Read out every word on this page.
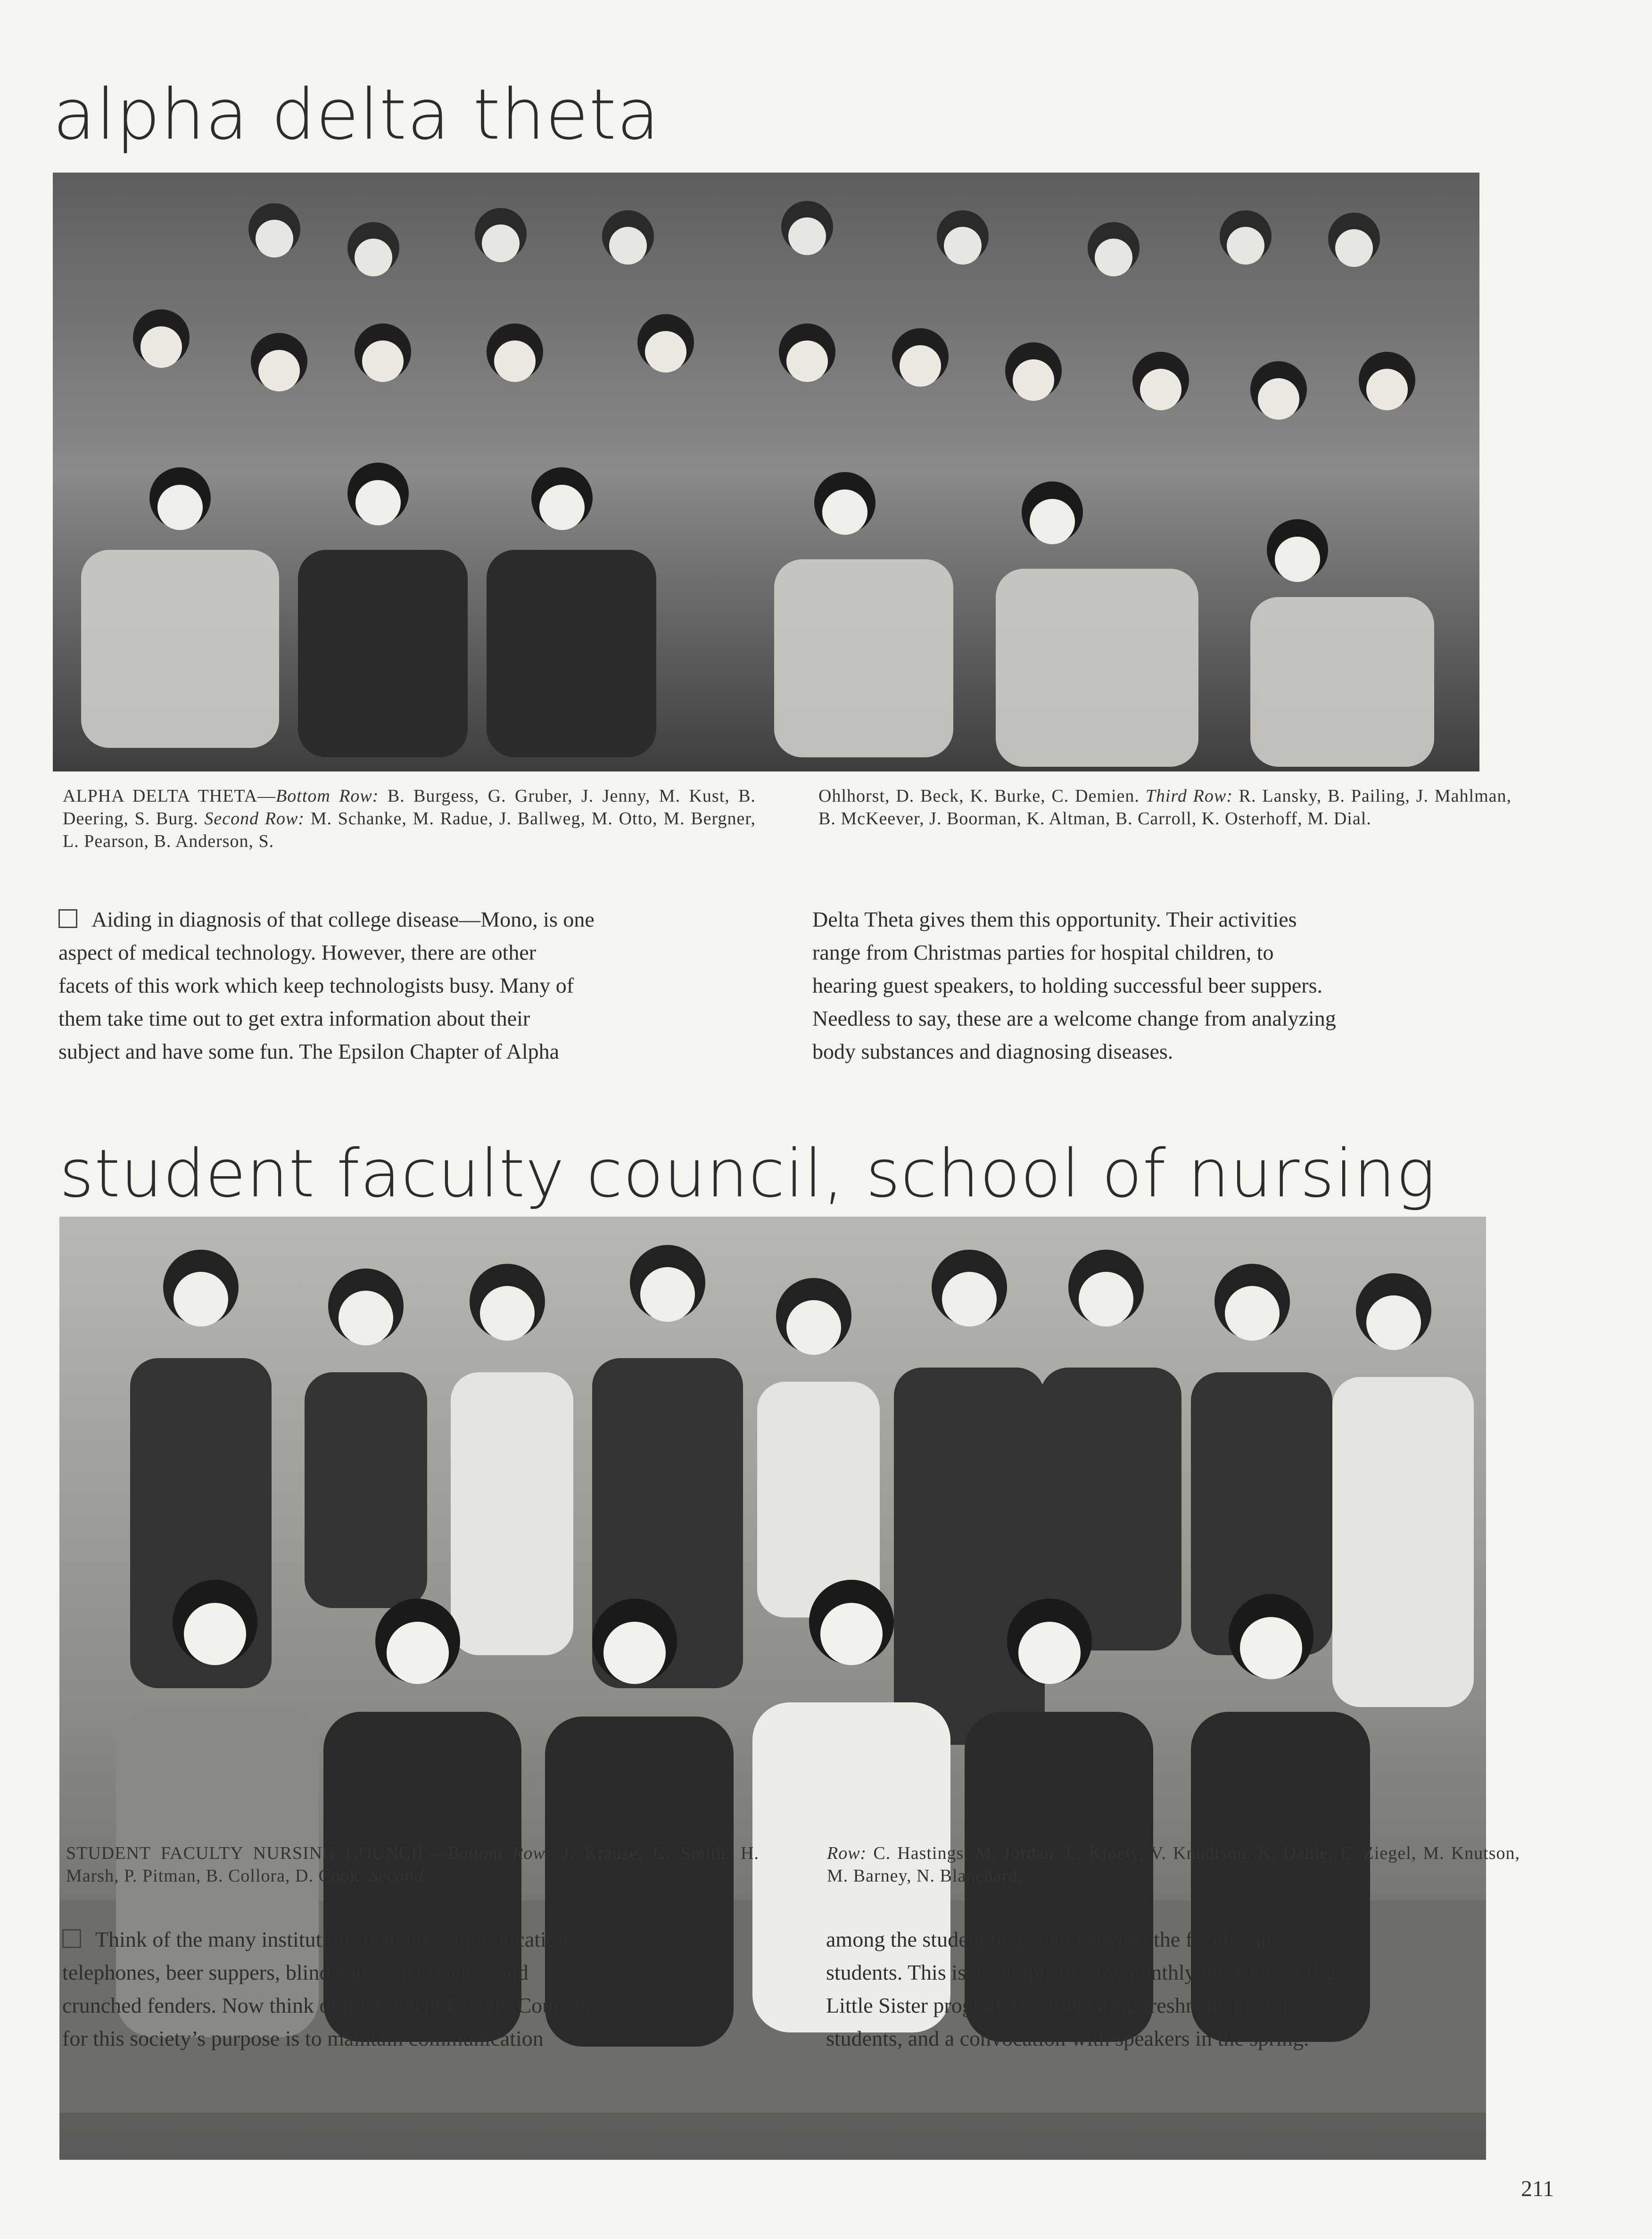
alpha delta theta
ALPHA DELTA THETA—Bottom Row: B. Burgess, G. Gruber, J. Jenny, M. Kust, B. Deering, S. Burg. Second Row: M. Schanke, M. Radue, J. Ballweg, M. Otto, M. Bergner, L. Pearson, B. Anderson, S.
Ohlhorst, D. Beck, K. Burke, C. Demien. Third Row: R. Lansky, B. Pailing, J. Mahlman, B. McKeever, J. Boorman, K. Altman, B. Carroll, K. Osterhoff, M. Dial.
Aiding in diagnosis of that college disease—Mono, is one
aspect of medical technology. However, there are other
facets of this work which keep technologists busy. Many of
them take time out to get extra information about their
subject and have some fun. The Epsilon Chapter of Alpha
Delta Theta gives them this opportunity. Their activities
range from Christmas parties for hospital children, to
hearing guest speakers, to holding successful beer suppers.
Needless to say, these are a welcome change from analyzing
body substances and diagnosing diseases.
student faculty council, school of nursing
STUDENT FACULTY NURSING COUNCIL—Bottom Row: J. Krause, C. Smith, H. Marsh, P. Pitman, B. Collora, D. Cook. Second
Row: C. Hastings, M. Jordan, L. Kloety, V. Knudtson, K. Dahle, E. Ziegel, M. Knutson, M. Barney, N. Blanchard.
Think of the many institutions that aid communication:
telephones, beer suppers, blind dates, apartments, and
crunched fenders. Now think of the Student Faculty Council,
for this society’s purpose is to maintain communication
among the student body and between the faculty and
students. This is accomplished by monthly meetings, a Big-
Little Sister program for orientating freshman nursing
students, and a convocation with speakers in the spring.
211
